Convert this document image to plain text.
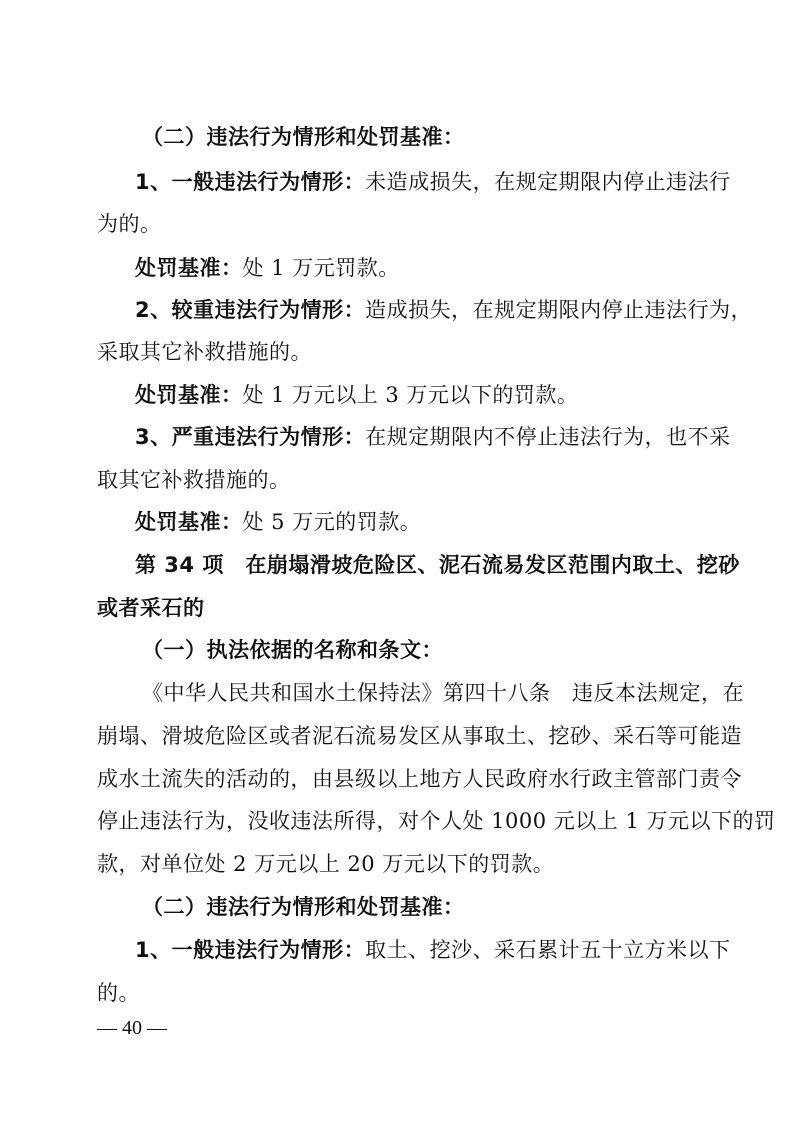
（二）违法行为情形和处罚基准：
1、一般违法行为情形：未造成损失，在规定期限内停止违法行
为的。
处罚基准：处 1 万元罚款。
2、较重违法行为情形：造成损失，在规定期限内停止违法行为，
采取其它补救措施的。
处罚基准：处 1 万元以上 3 万元以下的罚款。
3、严重违法行为情形：在规定期限内不停止违法行为，也不采
取其它补救措施的。
处罚基准：处 5 万元的罚款。
第 34 项　在崩塌滑坡危险区、泥石流易发区范围内取土、挖砂
或者采石的
（一）执法依据的名称和条文：
《中华人民共和国水土保持法》第四十八条　违反本法规定，在
崩塌、滑坡危险区或者泥石流易发区从事取土、挖砂、采石等可能造
成水土流失的活动的，由县级以上地方人民政府水行政主管部门责令
停止违法行为，没收违法所得，对个人处 1000 元以上 1 万元以下的罚
款，对单位处 2 万元以上 20 万元以下的罚款。
（二）违法行为情形和处罚基准：
1、一般违法行为情形：取土、挖沙、采石累计五十立方米以下
的。
— 40 —
